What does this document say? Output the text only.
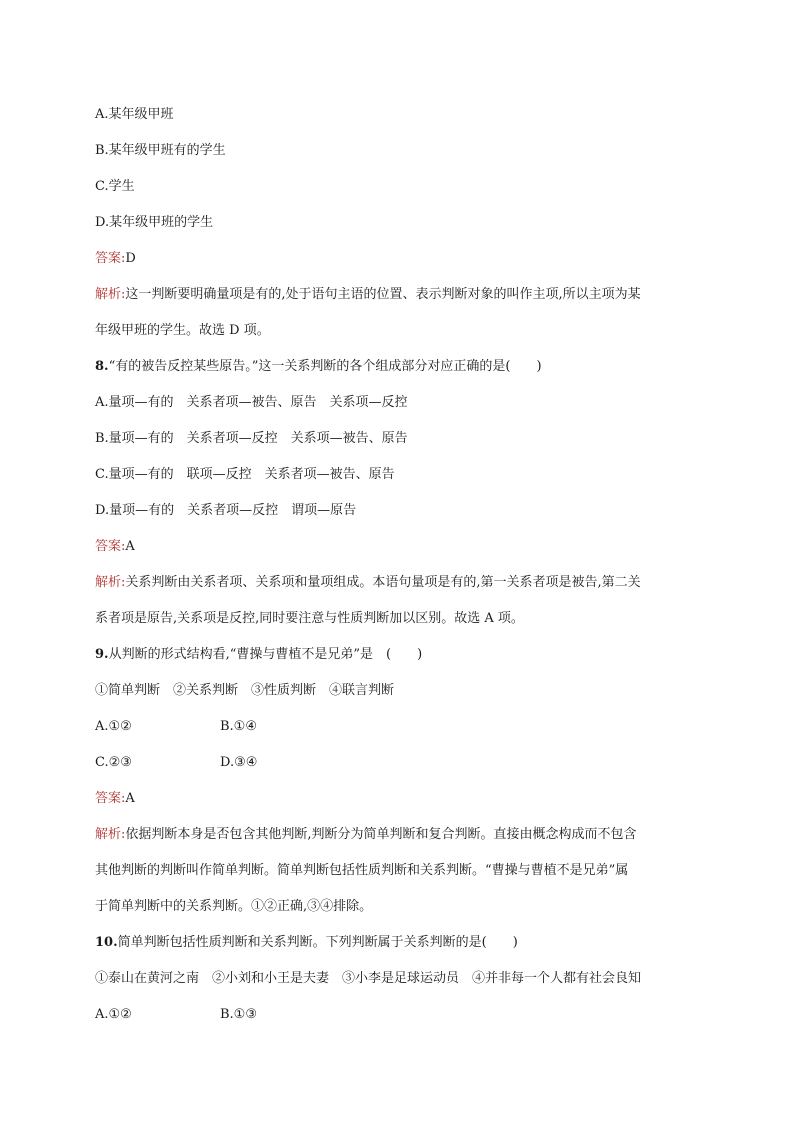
A.某年级甲班
B.某年级甲班有的学生
C.学生
D.某年级甲班的学生
答案:D
解析:这一判断要明确量项是有的,处于语句主语的位置、表示判断对象的叫作主项,所以主项为某
年级甲班的学生。故选 D 项。
8.“有的被告反控某些原告。”这一关系判断的各个组成部分对应正确的是(　　)
A.量项—有的　关系者项—被告、原告　关系项—反控
B.量项—有的　关系者项—反控　关系项—被告、原告
C.量项—有的　联项—反控　关系者项—被告、原告
D.量项—有的　关系者项—反控　谓项—原告
答案:A
解析:关系判断由关系者项、关系项和量项组成。本语句量项是有的,第一关系者项是被告,第二关
系者项是原告,关系项是反控,同时要注意与性质判断加以区别。故选 A 项。
9.从判断的形式结构看,“曹操与曹植不是兄弟”是　(　　)
①简单判断　②关系判断　③性质判断　④联言判断
A.①②	B.①④
C.②③	D.③④
答案:A
解析:依据判断本身是否包含其他判断,判断分为简单判断和复合判断。直接由概念构成而不包含
其他判断的判断叫作简单判断。简单判断包括性质判断和关系判断。“曹操与曹植不是兄弟”属
于简单判断中的关系判断。①②正确,③④排除。
10.简单判断包括性质判断和关系判断。下列判断属于关系判断的是(　　)
①泰山在黄河之南　②小刘和小王是夫妻　③小李是足球运动员　④并非每一个人都有社会良知
A.①②	B.①③
